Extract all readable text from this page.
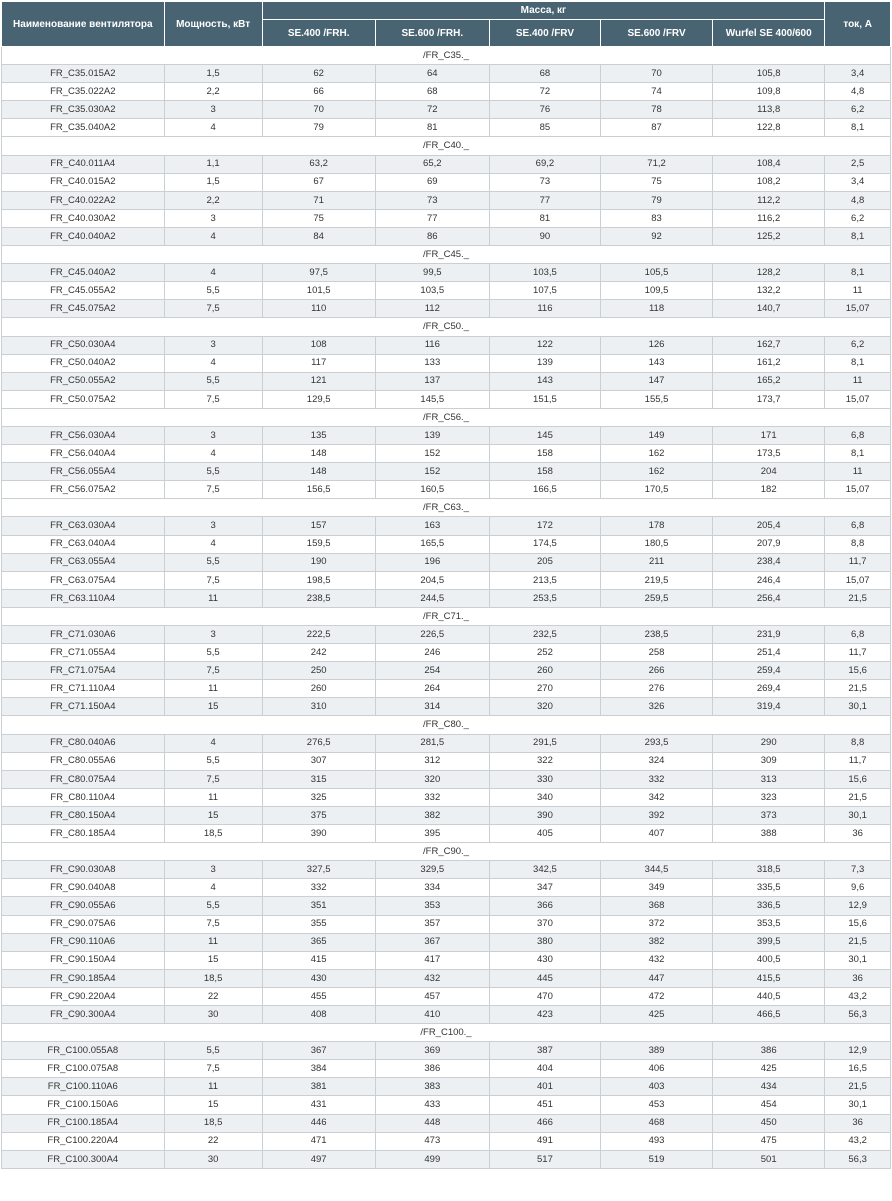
Наименование вентилятора	Мощность, кВт	Масса, кг					ток, А
		SE.400 /FRH.	SE.600 /FRH.	SE.400 /FRV	SE.600 /FRV	Wurfel SE 400/600	
/FR_C35._							
FR_C35.015A2	1,5	62	64	68	70	105,8	3,4
FR_C35.022A2	2,2	66	68	72	74	109,8	4,8
FR_C35.030A2	3	70	72	76	78	113,8	6,2
FR_C35.040A2	4	79	81	85	87	122,8	8,1
/FR_C40._							
FR_C40.011A4	1,1	63,2	65,2	69,2	71,2	108,4	2,5
FR_C40.015A2	1,5	67	69	73	75	108,2	3,4
FR_C40.022A2	2,2	71	73	77	79	112,2	4,8
FR_C40.030A2	3	75	77	81	83	116,2	6,2
FR_C40.040A2	4	84	86	90	92	125,2	8,1
/FR_C45._							
FR_C45.040A2	4	97,5	99,5	103,5	105,5	128,2	8,1
FR_C45.055A2	5,5	101,5	103,5	107,5	109,5	132,2	11
FR_C45.075A2	7,5	110	112	116	118	140,7	15,07
/FR_C50._							
FR_C50.030A4	3	108	116	122	126	162,7	6,2
FR_C50.040A2	4	117	133	139	143	161,2	8,1
FR_C50.055A2	5,5	121	137	143	147	165,2	11
FR_C50.075A2	7,5	129,5	145,5	151,5	155,5	173,7	15,07
/FR_C56._							
FR_C56.030A4	3	135	139	145	149	171	6,8
FR_C56.040A4	4	148	152	158	162	173,5	8,1
FR_C56.055A4	5,5	148	152	158	162	204	11
FR_C56.075A2	7,5	156,5	160,5	166,5	170,5	182	15,07
/FR_C63._							
FR_C63.030A4	3	157	163	172	178	205,4	6,8
FR_C63.040A4	4	159,5	165,5	174,5	180,5	207,9	8,8
FR_C63.055A4	5,5	190	196	205	211	238,4	11,7
FR_C63.075A4	7,5	198,5	204,5	213,5	219,5	246,4	15,07
FR_C63.110A4	11	238,5	244,5	253,5	259,5	256,4	21,5
/FR_C71._							
FR_C71.030A6	3	222,5	226,5	232,5	238,5	231,9	6,8
FR_C71.055A4	5,5	242	246	252	258	251,4	11,7
FR_C71.075A4	7,5	250	254	260	266	259,4	15,6
FR_C71.110A4	11	260	264	270	276	269,4	21,5
FR_C71.150A4	15	310	314	320	326	319,4	30,1
/FR_C80._							
FR_C80.040A6	4	276,5	281,5	291,5	293,5	290	8,8
FR_C80.055A6	5,5	307	312	322	324	309	11,7
FR_C80.075A4	7,5	315	320	330	332	313	15,6
FR_C80.110A4	11	325	332	340	342	323	21,5
FR_C80.150A4	15	375	382	390	392	373	30,1
FR_C80.185A4	18,5	390	395	405	407	388	36
/FR_C90._							
FR_C90.030A8	3	327,5	329,5	342,5	344,5	318,5	7,3
FR_C90.040A8	4	332	334	347	349	335,5	9,6
FR_C90.055A6	5,5	351	353	366	368	336,5	12,9
FR_C90.075A6	7,5	355	357	370	372	353,5	15,6
FR_C90.110A6	11	365	367	380	382	399,5	21,5
FR_C90.150A4	15	415	417	430	432	400,5	30,1
FR_C90.185A4	18,5	430	432	445	447	415,5	36
FR_C90.220A4	22	455	457	470	472	440,5	43,2
FR_C90.300A4	30	408	410	423	425	466,5	56,3
/FR_C100._							
FR_C100.055A8	5,5	367	369	387	389	386	12,9
FR_C100.075A8	7,5	384	386	404	406	425	16,5
FR_C100.110A6	11	381	383	401	403	434	21,5
FR_C100.150A6	15	431	433	451	453	454	30,1
FR_C100.185A4	18,5	446	448	466	468	450	36
FR_C100.220A4	22	471	473	491	493	475	43,2
FR_C100.300A4	30	497	499	517	519	501	56,3
